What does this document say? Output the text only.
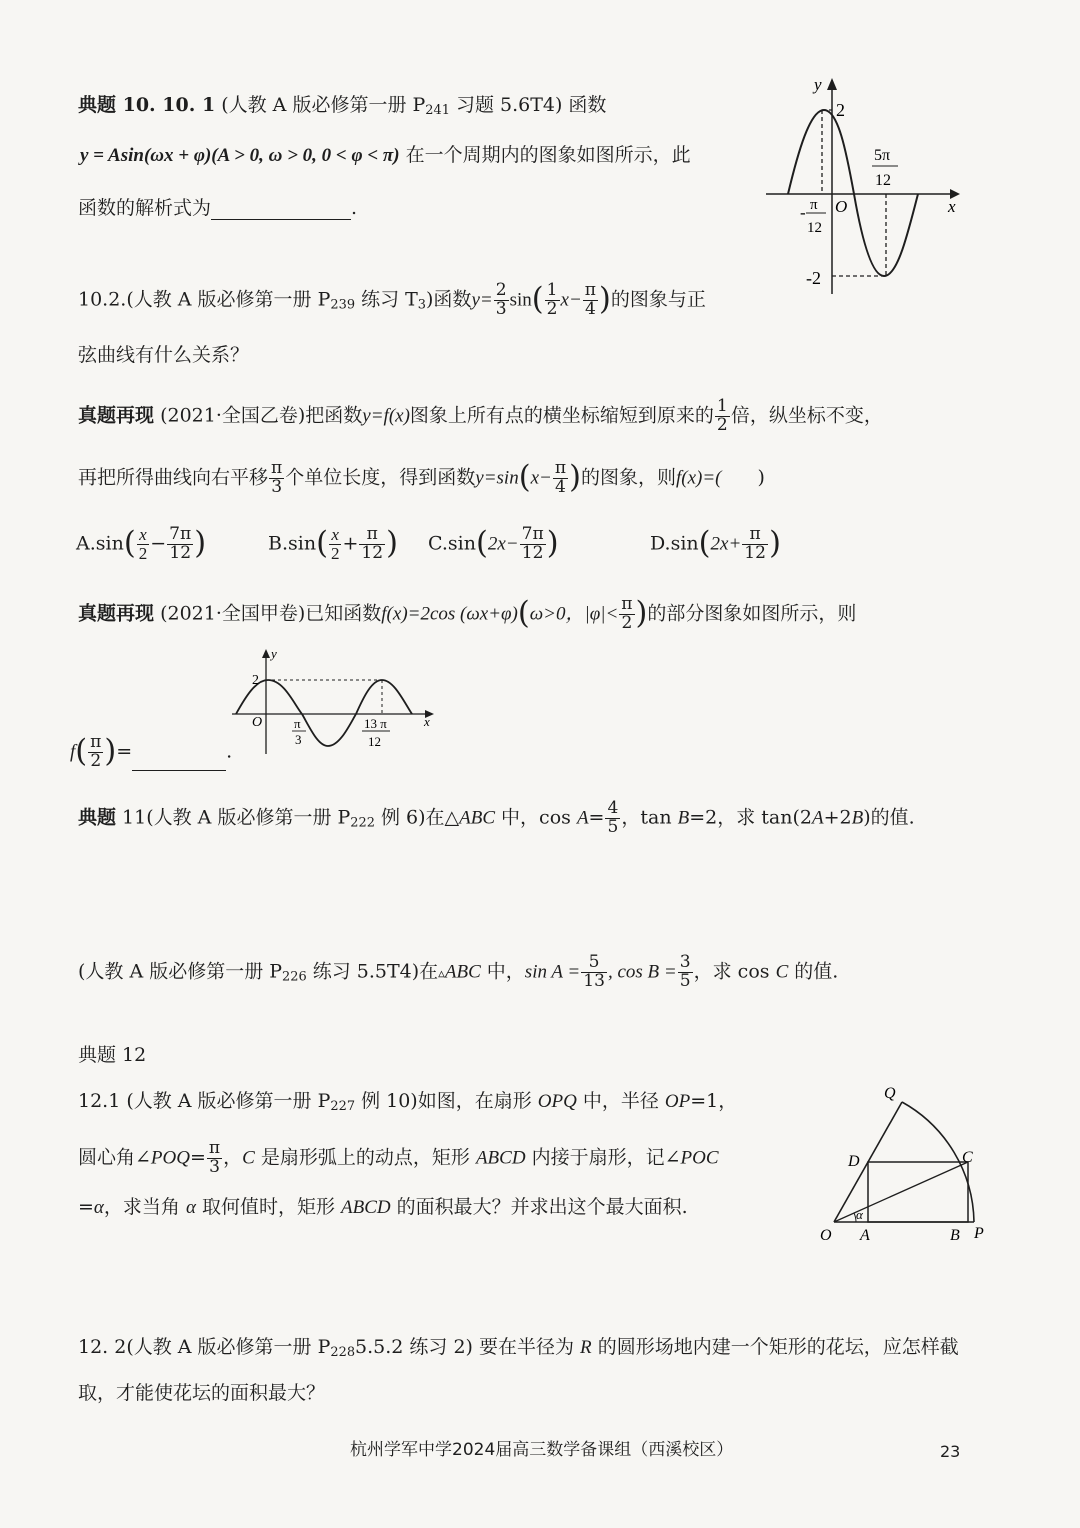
典题 10. 10. 1 (人教 A 版必修第一册 $P_{241}$ 习题 5.6T4) 函数
y = Asin(ωx + φ)(A > 0, ω > 0, 0 < φ < π) 在一个周期内的图象如图所示，此
函数的解析式为	.
y
x
O
2
-2
- π
12
5π
12
10.2.(人教 A 版必修第一册 $P_{239}$ 练习 $T_3$)函数$y= \frac{2}{3} \sin( \frac{1}{2} x- \frac{\pi}{4}$ )的图象与正
弦曲线有什么关系？
真题再现 (2021·全国乙卷)把函数y=f(x)图象上所有点的横坐标缩短到原来的 $\frac{1}{2}$ 倍，纵坐标不变，
再把所得曲线向右平移 $\frac{\pi}{3}$ 个单位长度，得到函数$y=\sin(x- \frac{\pi}{4}$ )的图象，则f(x)=( )
$A.\sin( \frac{x}{2} - \frac{7\pi}{12}$ )	$B.\sin( \frac{x}{2} + \frac{\pi}{12}$ ) $C.\sin(2x- \frac{7\pi}{12}$ )	$D.\sin(2x+ \frac{\pi}{12}$ )
真题再现 (2021·全国甲卷)已知函数f(x)=2cos (ωx+φ)(ω>0，$|\varphi|< \frac{\pi}{2}$ )的部分图象如图所示，则
$f( \frac{\pi}{2}$ )=	.
y
x
O
2
π
3
13 π
12
典题 11(人教 A 版必修第一册 $P_{222}$ 例 6)在△ABC 中，$\cos A= \frac{4}{5}$ ，tan B=2，求 tan(2A+2B)的值.
(人教 A 版必修第一册 $P_{226}$ 练习 5.5T4)在▵ABC 中，$\sin A = \frac{5}{13}$ , $\cos B = \frac{3}{5}$ ，求 cos C 的值.
典题 12
12.1 (人教 A 版必修第一册 $P_{227}$ 例 10)如图，在扇形 OPQ 中，半径 OP=1，
圆心角∠POQ= $\frac{\pi}{3}$ ，C 是扇形弧上的动点，矩形 ABCD 内接于扇形，记∠POC
=α，求当角 α 取何值时，矩形 ABCD 的面积最大？并求出这个最大面积.
Q
D	C
O A	B P
α
12. 2(人教 A 版必修第一册 $P_{228}5.5.2$ 练习 2) 要在半径为 R 的圆形场地内建一个矩形的花坛，应怎样截
取，才能使花坛的面积最大？
杭州学军中学2024届高三数学备课组（西溪校区）	23
